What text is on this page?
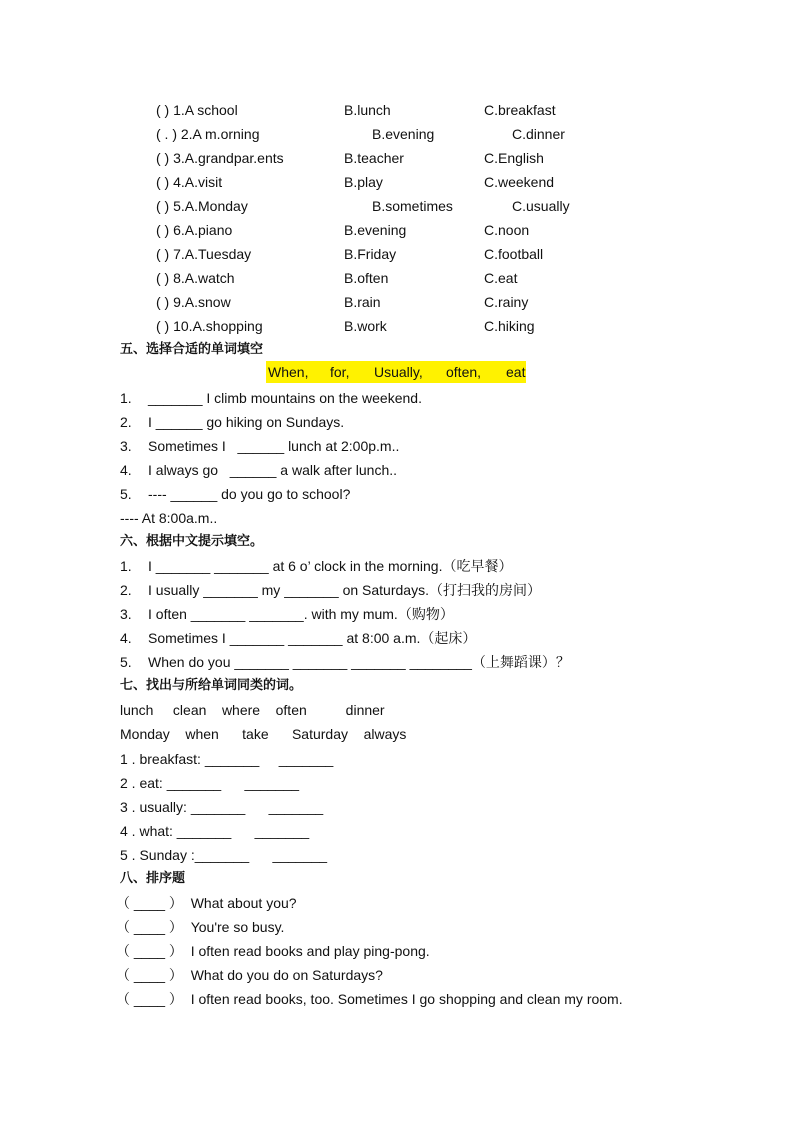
( ) 1.A school	B.lunch	C.breakfast
( . ) 2.A m.orning	B.evening	C.dinner
( ) 3.A.grandpar.ents	B.teacher	C.English
( ) 4.A.visit	B.play	C.weekend
( ) 5.A.Monday	B.sometimes	C.usually
( ) 6.A.piano	B.evening	C.noon
( ) 7.A.Tuesday	B.Friday	C.football
( ) 8.A.watch	B.often	C.eat
( ) 9.A.snow	B.rain	C.rainy
( ) 10.A.shopping	B.work	C.hiking
五、选择合适的单词填空
When, for, Usually, often, eat
1. _______ I climb mountains on the weekend.
2. I ______ go hiking on Sundays.
3. Sometimes I   ______ lunch at 2:00p.m..
4. I always go   ______ a walk after lunch..
5. ---- ______ do you go to school?
---- At 8:00a.m..
六、根据中文提示填空。
1. I _______ _______ at 6 o’ clock in the morning.（吃早餐）
2. I usually _______ my _______ on Saturdays.（打扫我的房间）
3. I often _______ _______. with my mum.（购物）
4. Sometimes I _______ _______ at 8:00 a.m.（起床）
5. When do you _______ _______ _______ ________（上舞蹈课）？
七、找出与所给单词同类的词。
lunch     clean    where    often          dinner
Monday    when      take      Saturday    always
1 . breakfast: _______     _______
2 . eat: _______      _______
3 . usually: _______      _______
4 . what: _______      _______
5 . Sunday :_______      _______
八、排序题
（ ____ ）  What about you?
（ ____ ）  You're so busy.
（ ____ ）  I often read books and play ping-pong.
（ ____ ）  What do you do on Saturdays?
（ ____ ）  I often read books, too. Sometimes I go shopping and clean my room.
